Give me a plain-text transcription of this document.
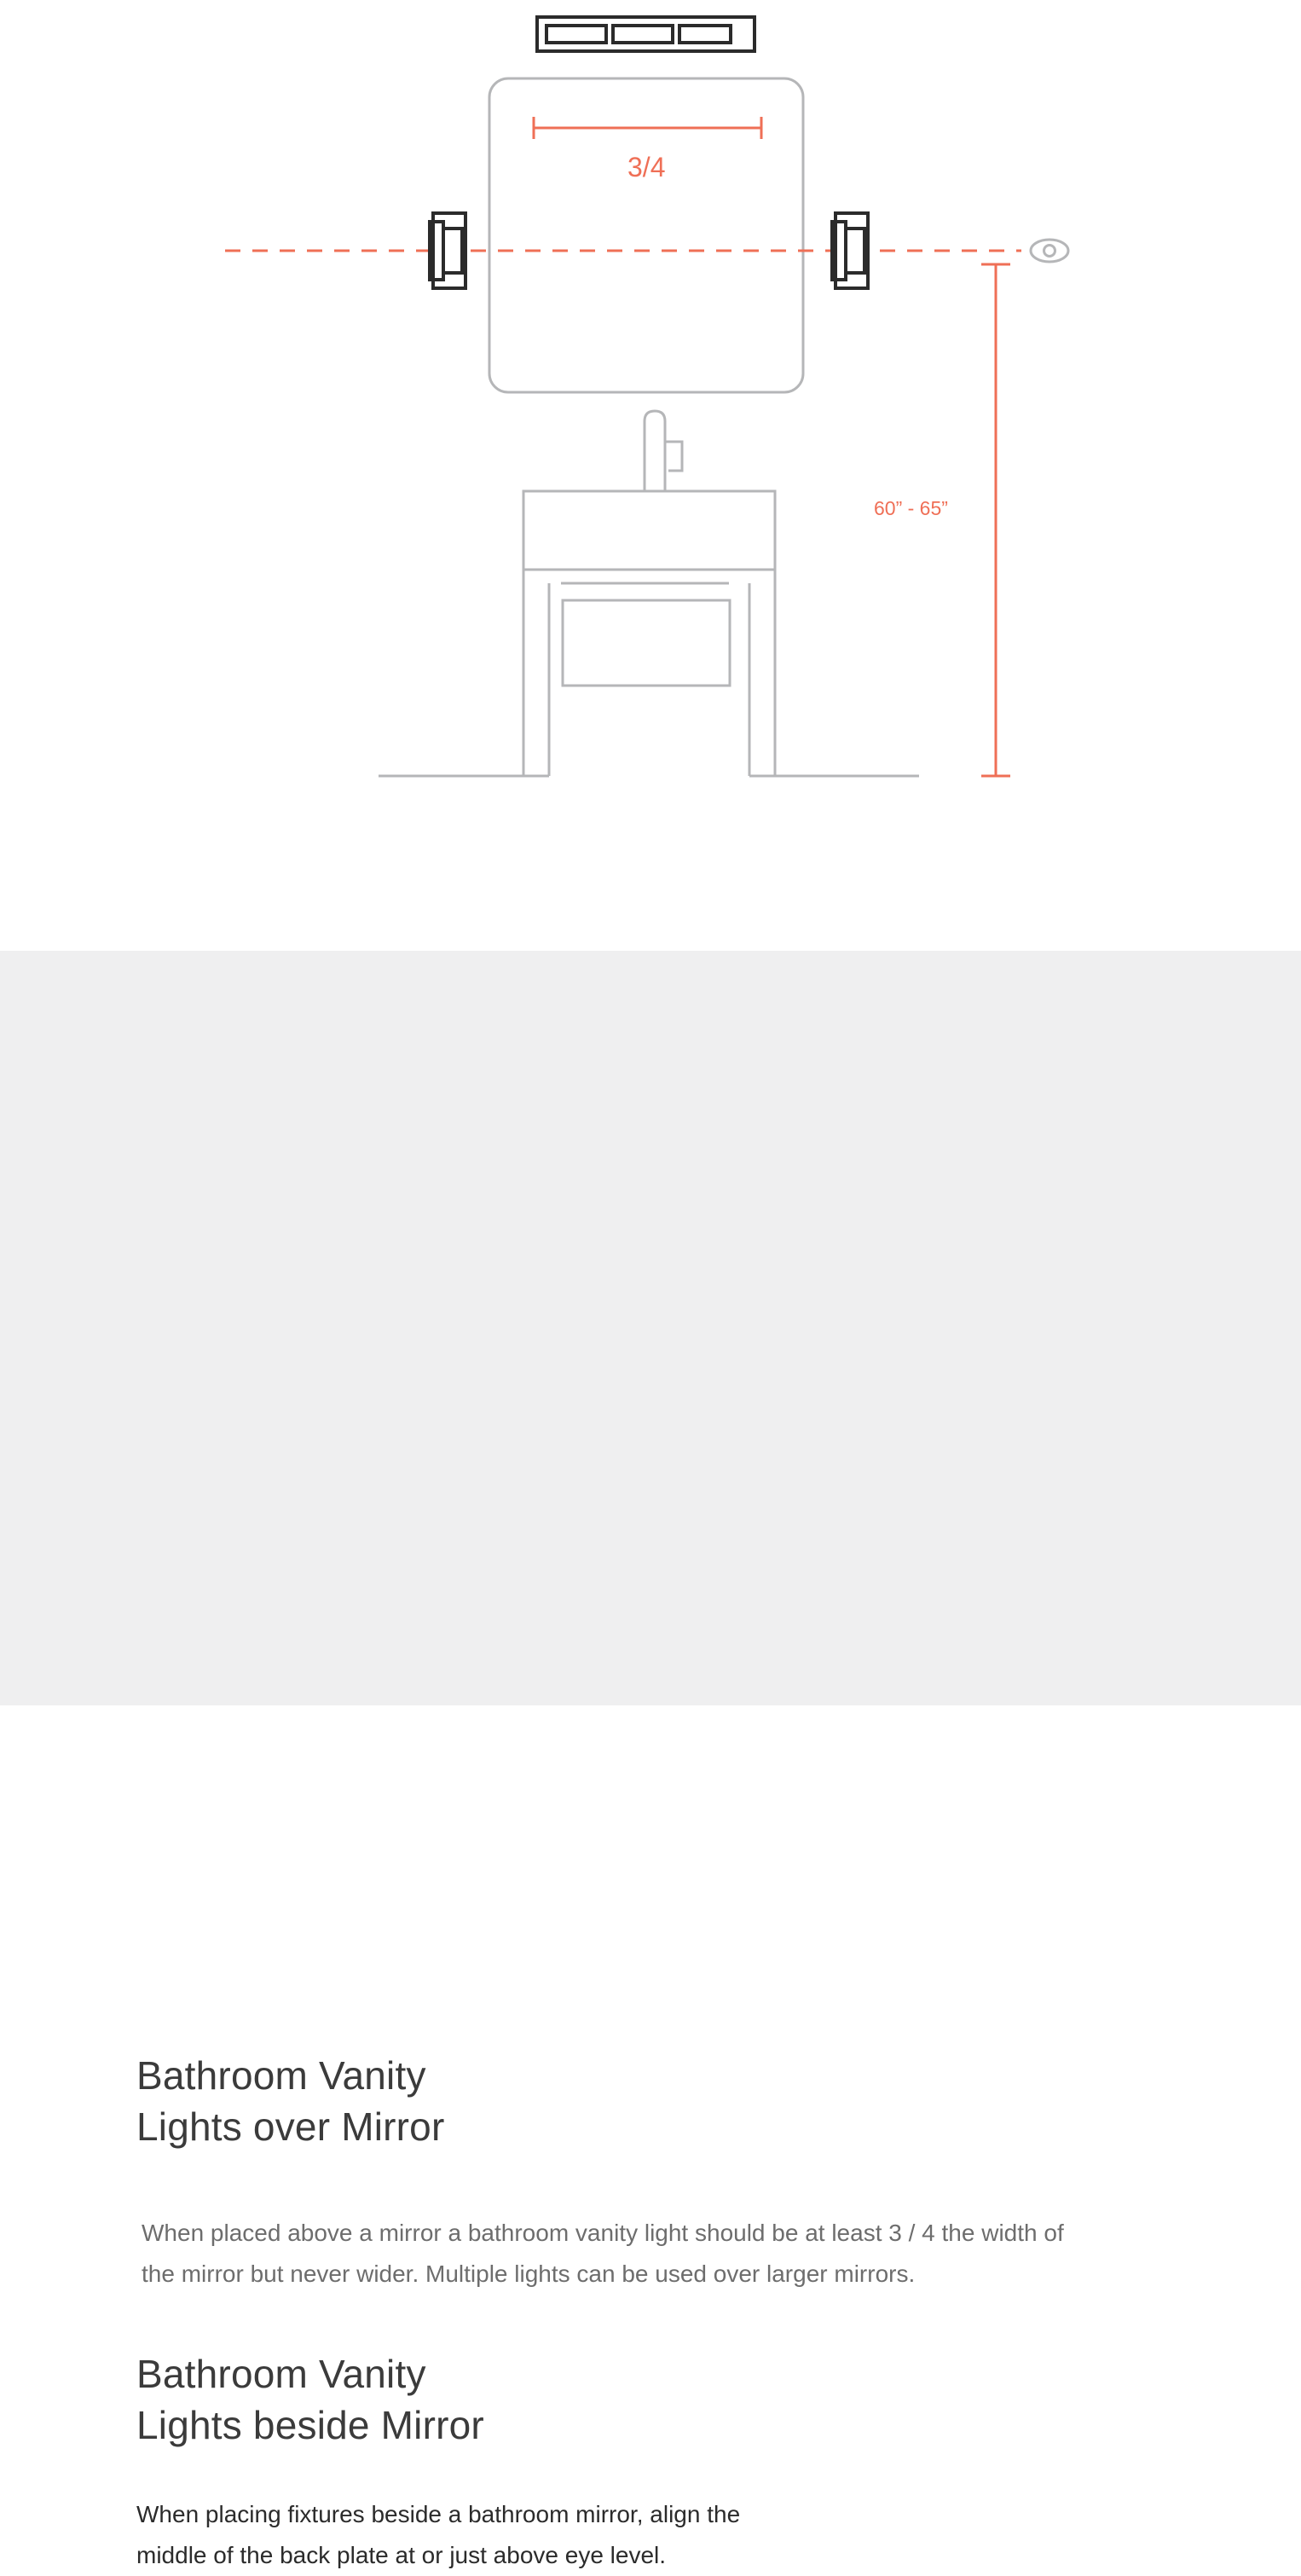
3/4
60” - 65”
Bathroom Vanity
Lights over Mirror

When placed above a mirror a bathroom vanity light should be at least 3 / 4 the width of the mirror but never wider. Multiple lights can be used over larger mirrors.

Bathroom Vanity
Lights beside Mirror
When placing fixtures beside a bathroom mirror, align the
middle of the back plate at or just above eye level.
